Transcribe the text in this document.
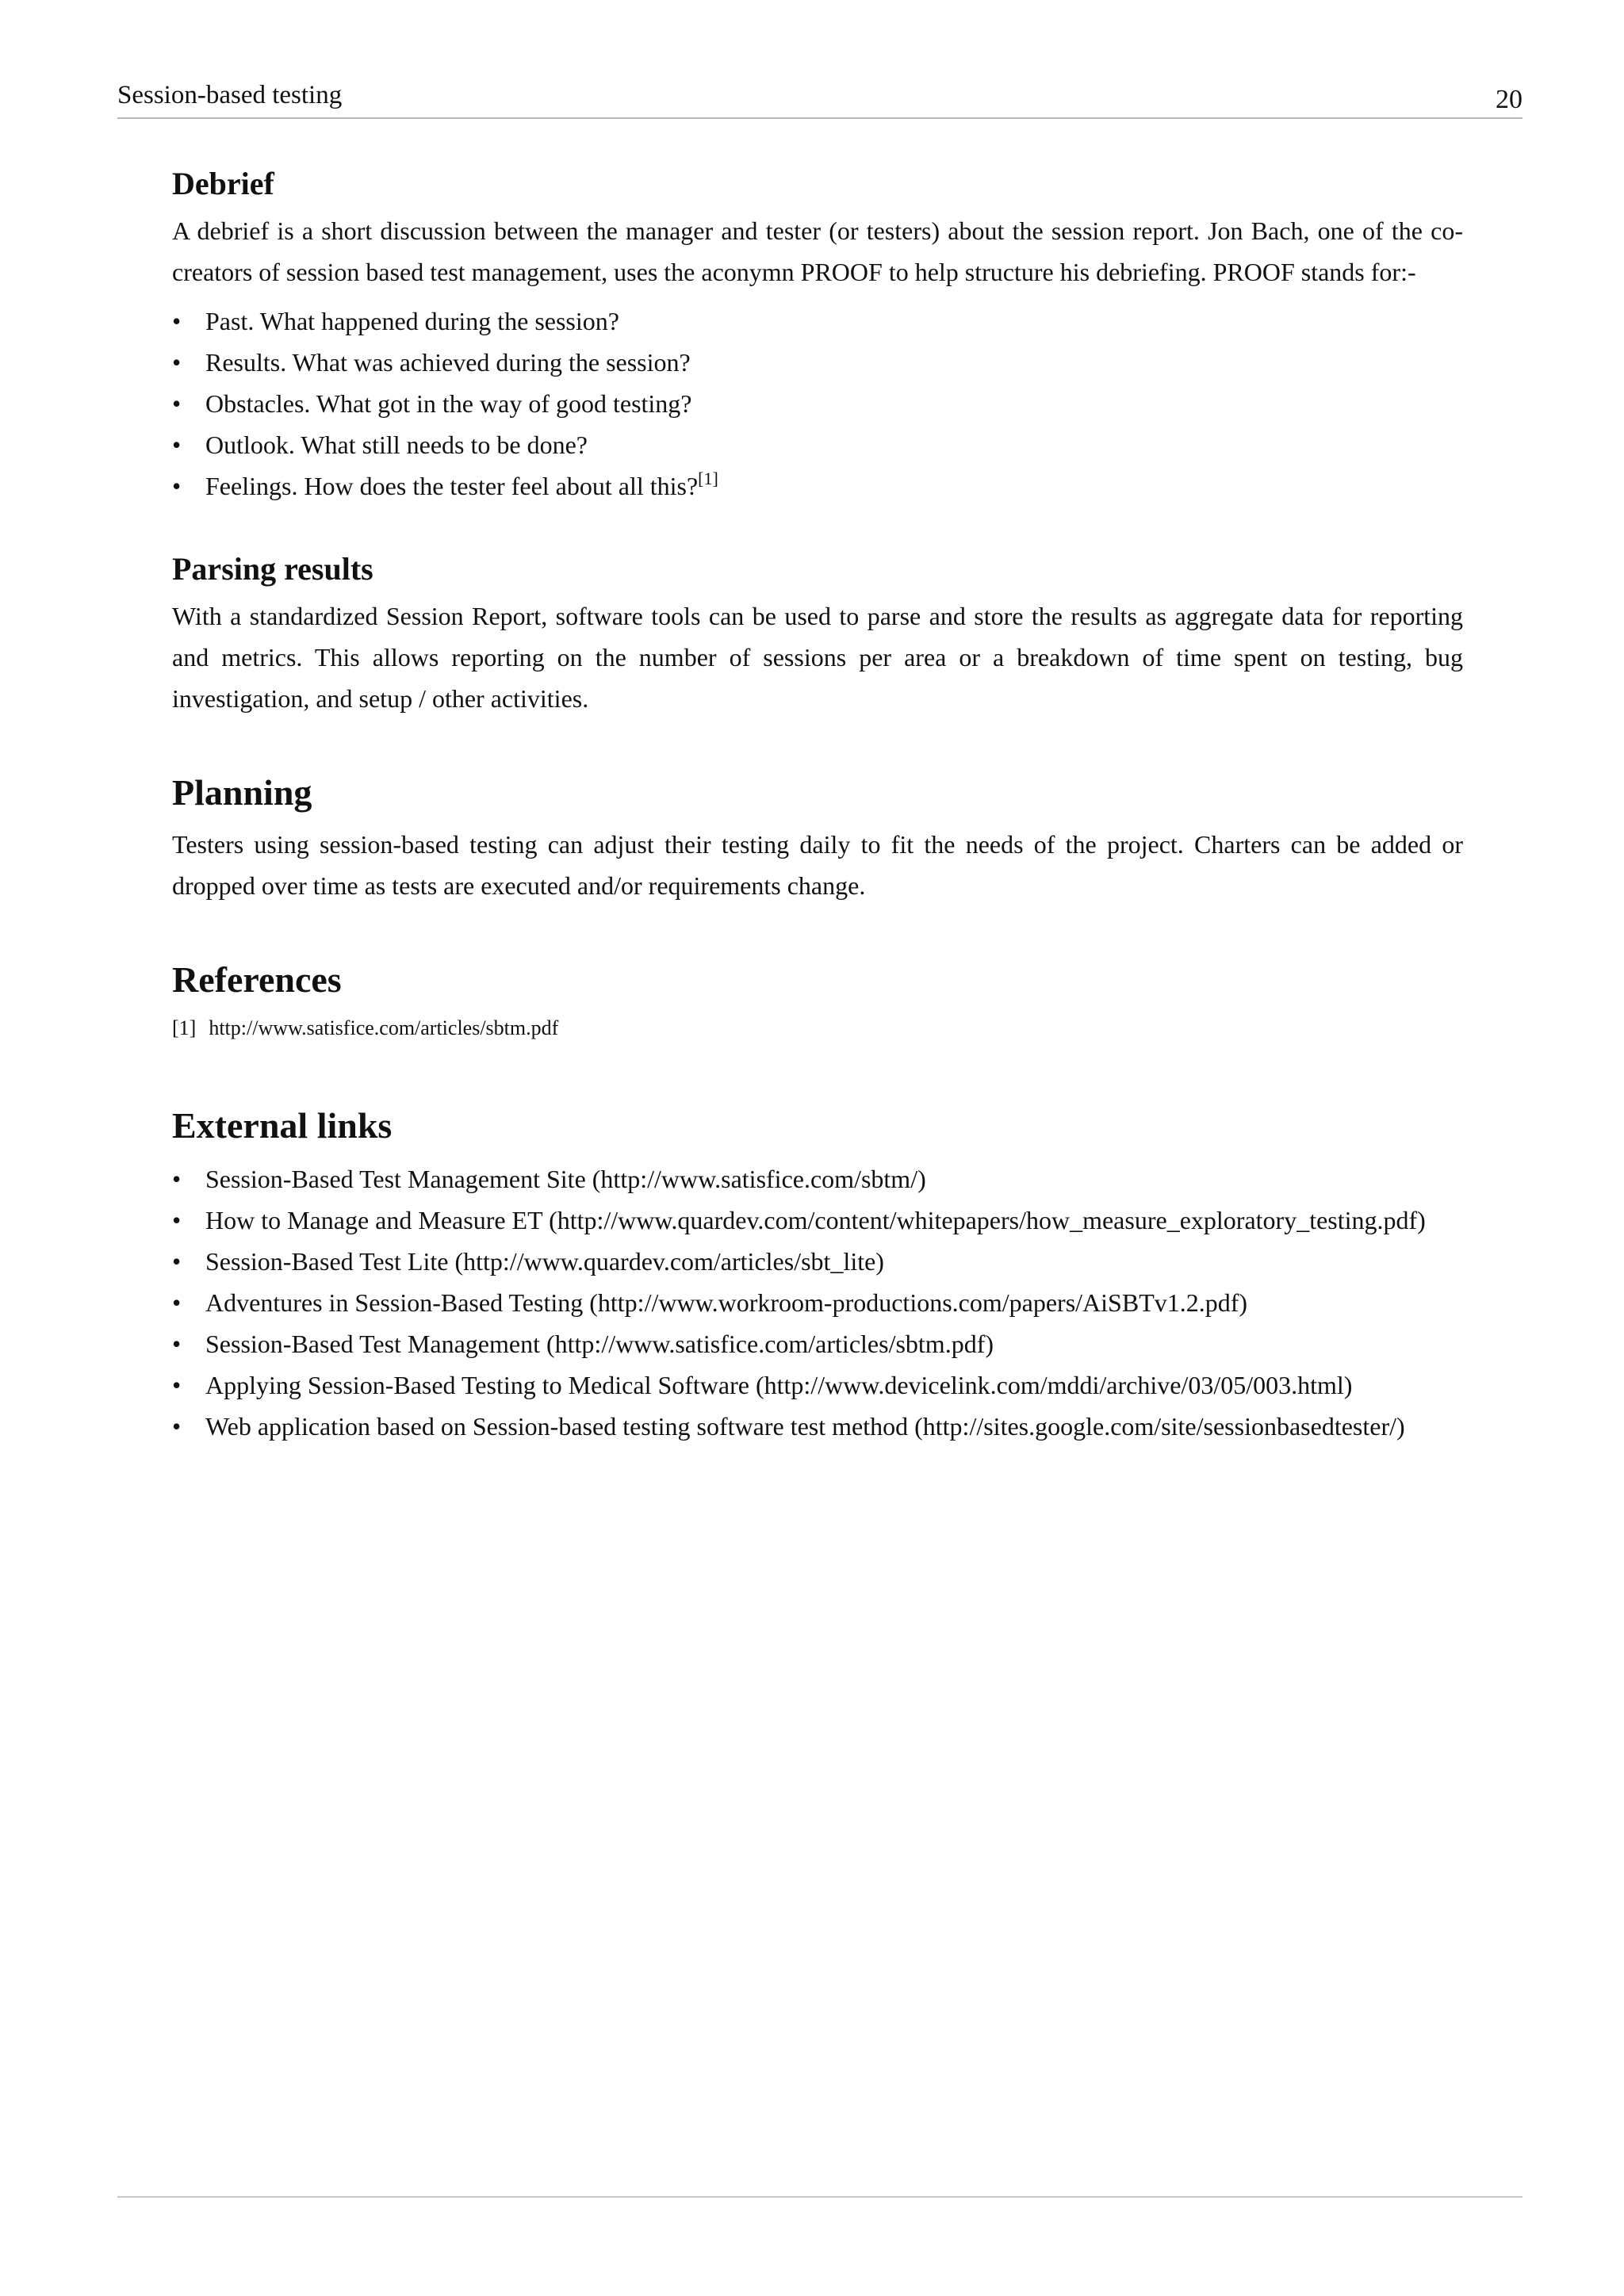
Session-based testing	20
Debrief

A debrief is a short discussion between the manager and tester (or testers) about the session report. Jon Bach, one of the co-creators of session based test management, uses the aconymn PROOF to help structure his debriefing. PROOF stands for:-

• Past. What happened during the session?
• Results. What was achieved during the session?
• Obstacles. What got in the way of good testing?
• Outlook. What still needs to be done?
• Feelings. How does the tester feel about all this?[1]
Parsing results

With a standardized Session Report, software tools can be used to parse and store the results as aggregate data for reporting and metrics. This allows reporting on the number of sessions per area or a breakdown of time spent on testing, bug investigation, and setup / other activities.

Planning

Testers using session-based testing can adjust their testing daily to fit the needs of the project. Charters can be added or dropped over time as tests are executed and/or requirements change.

References
[1] http://www.satisfice.com/articles/sbtm.pdf
External links
• Session-Based Test Management Site (http://www.satisfice.com/sbtm/)
• How to Manage and Measure ET (http://www.quardev.com/content/whitepapers/how_measure_exploratory_testing.pdf)
• Session-Based Test Lite (http://www.quardev.com/articles/sbt_lite)
• Adventures in Session-Based Testing (http://www.workroom-productions.com/papers/AiSBTv1.2.pdf)
• Session-Based Test Management (http://www.satisfice.com/articles/sbtm.pdf)
• Applying Session-Based Testing to Medical Software (http://www.devicelink.com/mddi/archive/03/05/003.html)
• Web application based on Session-based testing software test method (http://sites.google.com/site/sessionbasedtester/)
